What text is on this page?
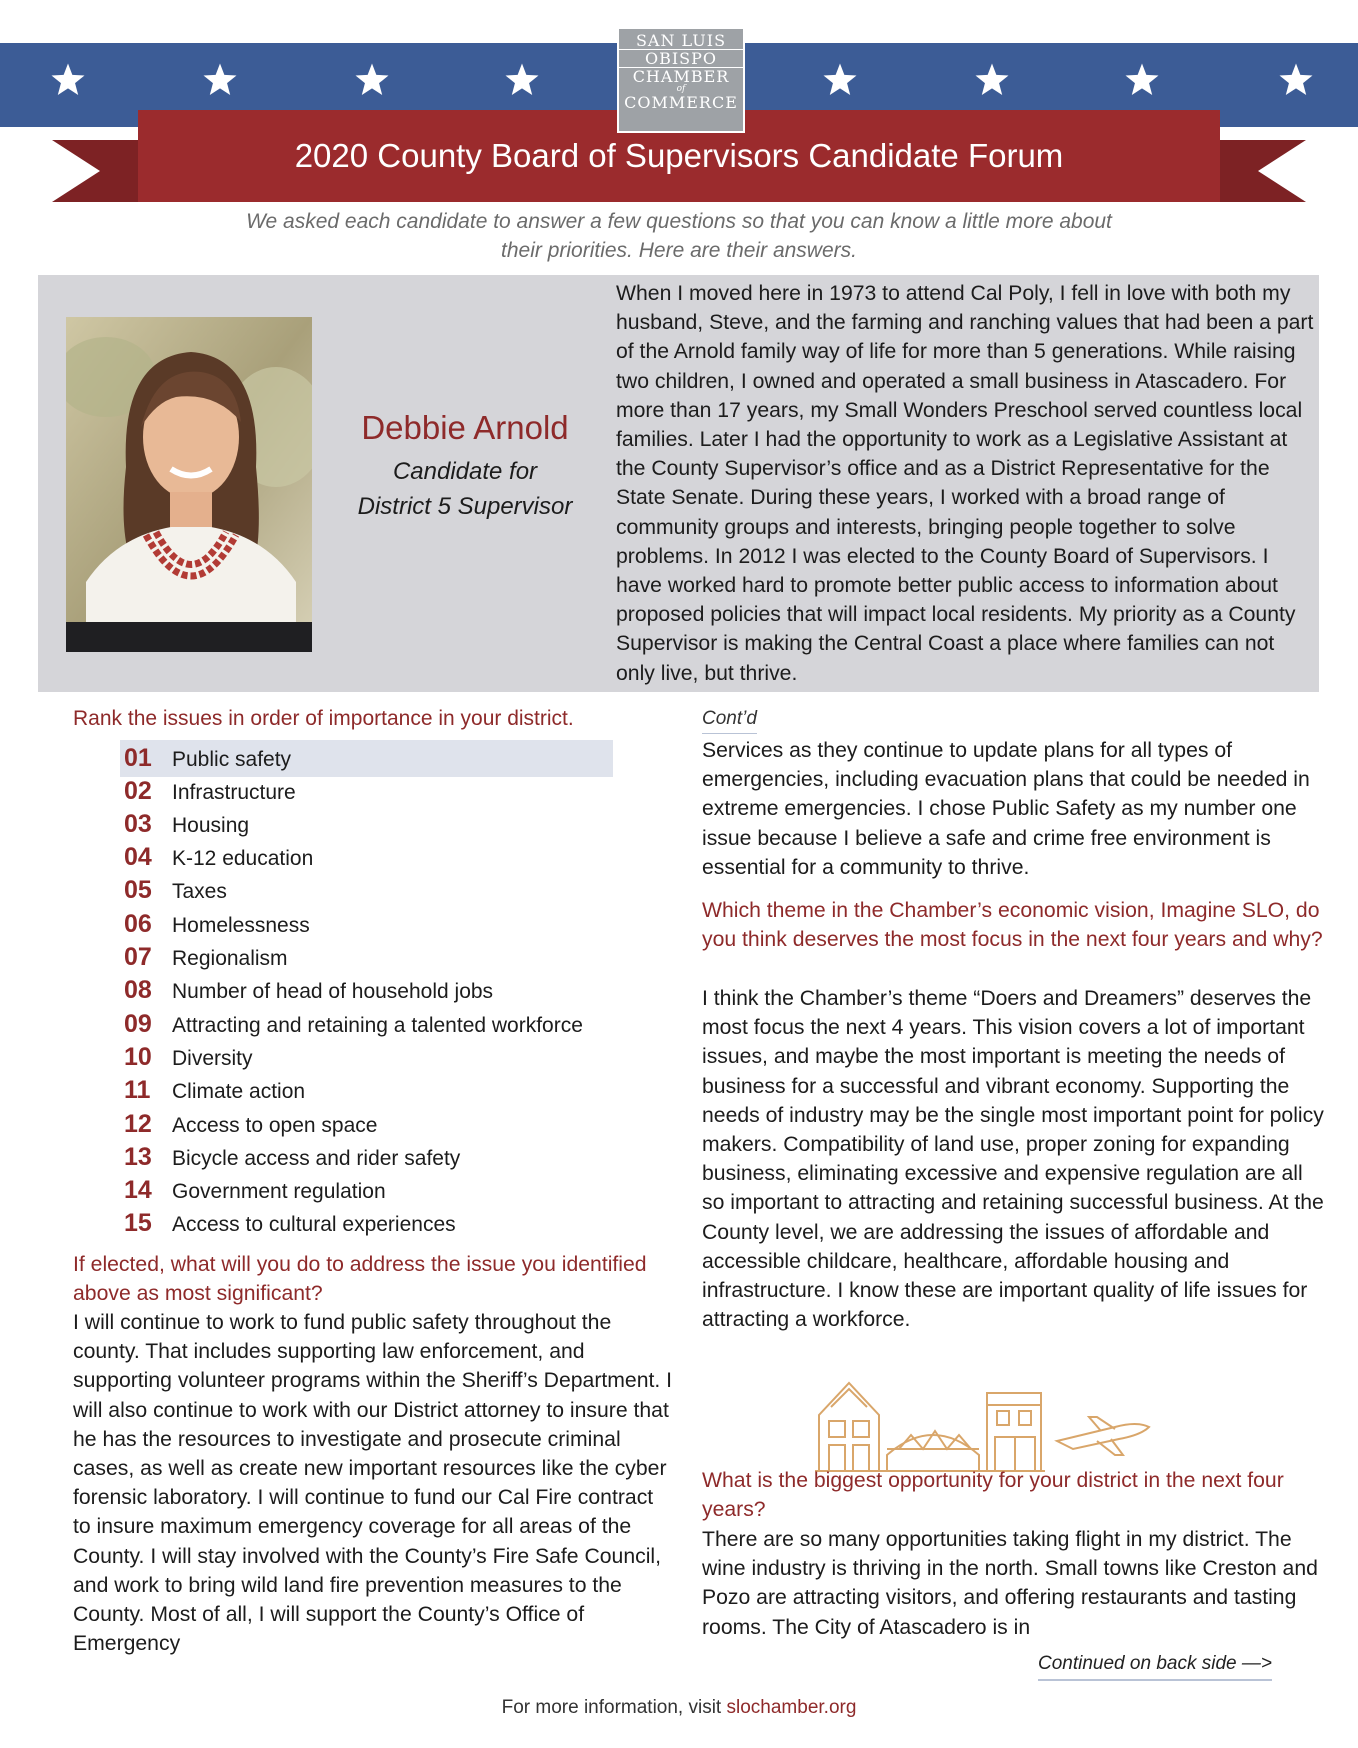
SAN LUIS
OBISPO
CHAMBER
of
COMMERCE
2020 County Board of Supervisors Candidate Forum
We asked each candidate to answer a few questions so that you can know a little more about their priorities. Here are their answers.
Debbie Arnold
Candidate for
District 5 Supervisor
When I moved here in 1973 to attend Cal Poly, I fell in love with both my husband, Steve, and the farming and ranching values that had been a part of the Arnold family way of life for more than 5 generations. While raising two children, I owned and operated a small business in Atascadero. For more than 17 years, my Small Wonders Preschool served countless local families. Later I had the opportunity to work as a Legislative Assistant at the County Supervisor’s office and as a District Representative for the State Senate. During these years, I worked with a broad range of community groups and interests, bringing people together to solve problems. In 2012 I was elected to the County Board of Supervisors. I have worked hard to promote better public access to information about proposed policies that will impact local residents. My priority as a County Supervisor is making the Central Coast a place where families can not only live, but thrive.
Rank the issues in order of importance in your district.
01 Public safety
02 Infrastructure
03 Housing
04 K-12 education
05 Taxes
06 Homelessness
07 Regionalism
08 Number of head of household jobs
09 Attracting and retaining a talented workforce
10 Diversity
11 Climate action
12 Access to open space
13 Bicycle access and rider safety
14 Government regulation
15 Access to cultural experiences
If elected, what will you do to address the issue you identified above as most significant?
I will continue to work to fund public safety throughout the county. That includes supporting law enforcement, and supporting volunteer programs within the Sheriff’s Department. I will also continue to work with our District attorney to insure that he has the resources to investigate and prosecute criminal cases, as well as create new important resources like the cyber forensic laboratory. I will continue to fund our Cal Fire contract to insure maximum emergency coverage for all areas of the County. I will stay involved with the County’s Fire Safe Council, and work to bring wild land fire prevention measures to the County. Most of all, I will support the County’s Office of Emergency
Cont’d
Services as they continue to update plans for all types of emergencies, including evacuation plans that could be needed in extreme emergencies. I chose Public Safety as my number one issue because I believe a safe and crime free environment is essential for a community to thrive.
Which theme in the Chamber’s economic vision, Imagine SLO, do you think deserves the most focus in the next four years and why?
I think the Chamber’s theme “Doers and Dreamers” deserves the most focus the next 4 years. This vision covers a lot of important issues, and maybe the most important is meeting the needs of business for a successful and vibrant economy. Supporting the needs of industry may be the single most important point for policy makers. Compatibility of land use, proper zoning for expanding business, eliminating excessive and expensive regulation are all so important to attracting and retaining successful business. At the County level, we are addressing the issues of affordable and accessible childcare, healthcare, affordable housing and infrastructure. I know these are important quality of life issues for attracting a workforce.
What is the biggest opportunity for your district in the next four years?
There are so many opportunities taking flight in my district. The wine industry is thriving in the north. Small towns like Creston and Pozo are attracting visitors, and offering restaurants and tasting rooms. The City of Atascadero is in
Continued on back side —>
For more information, visit slochamber.org
